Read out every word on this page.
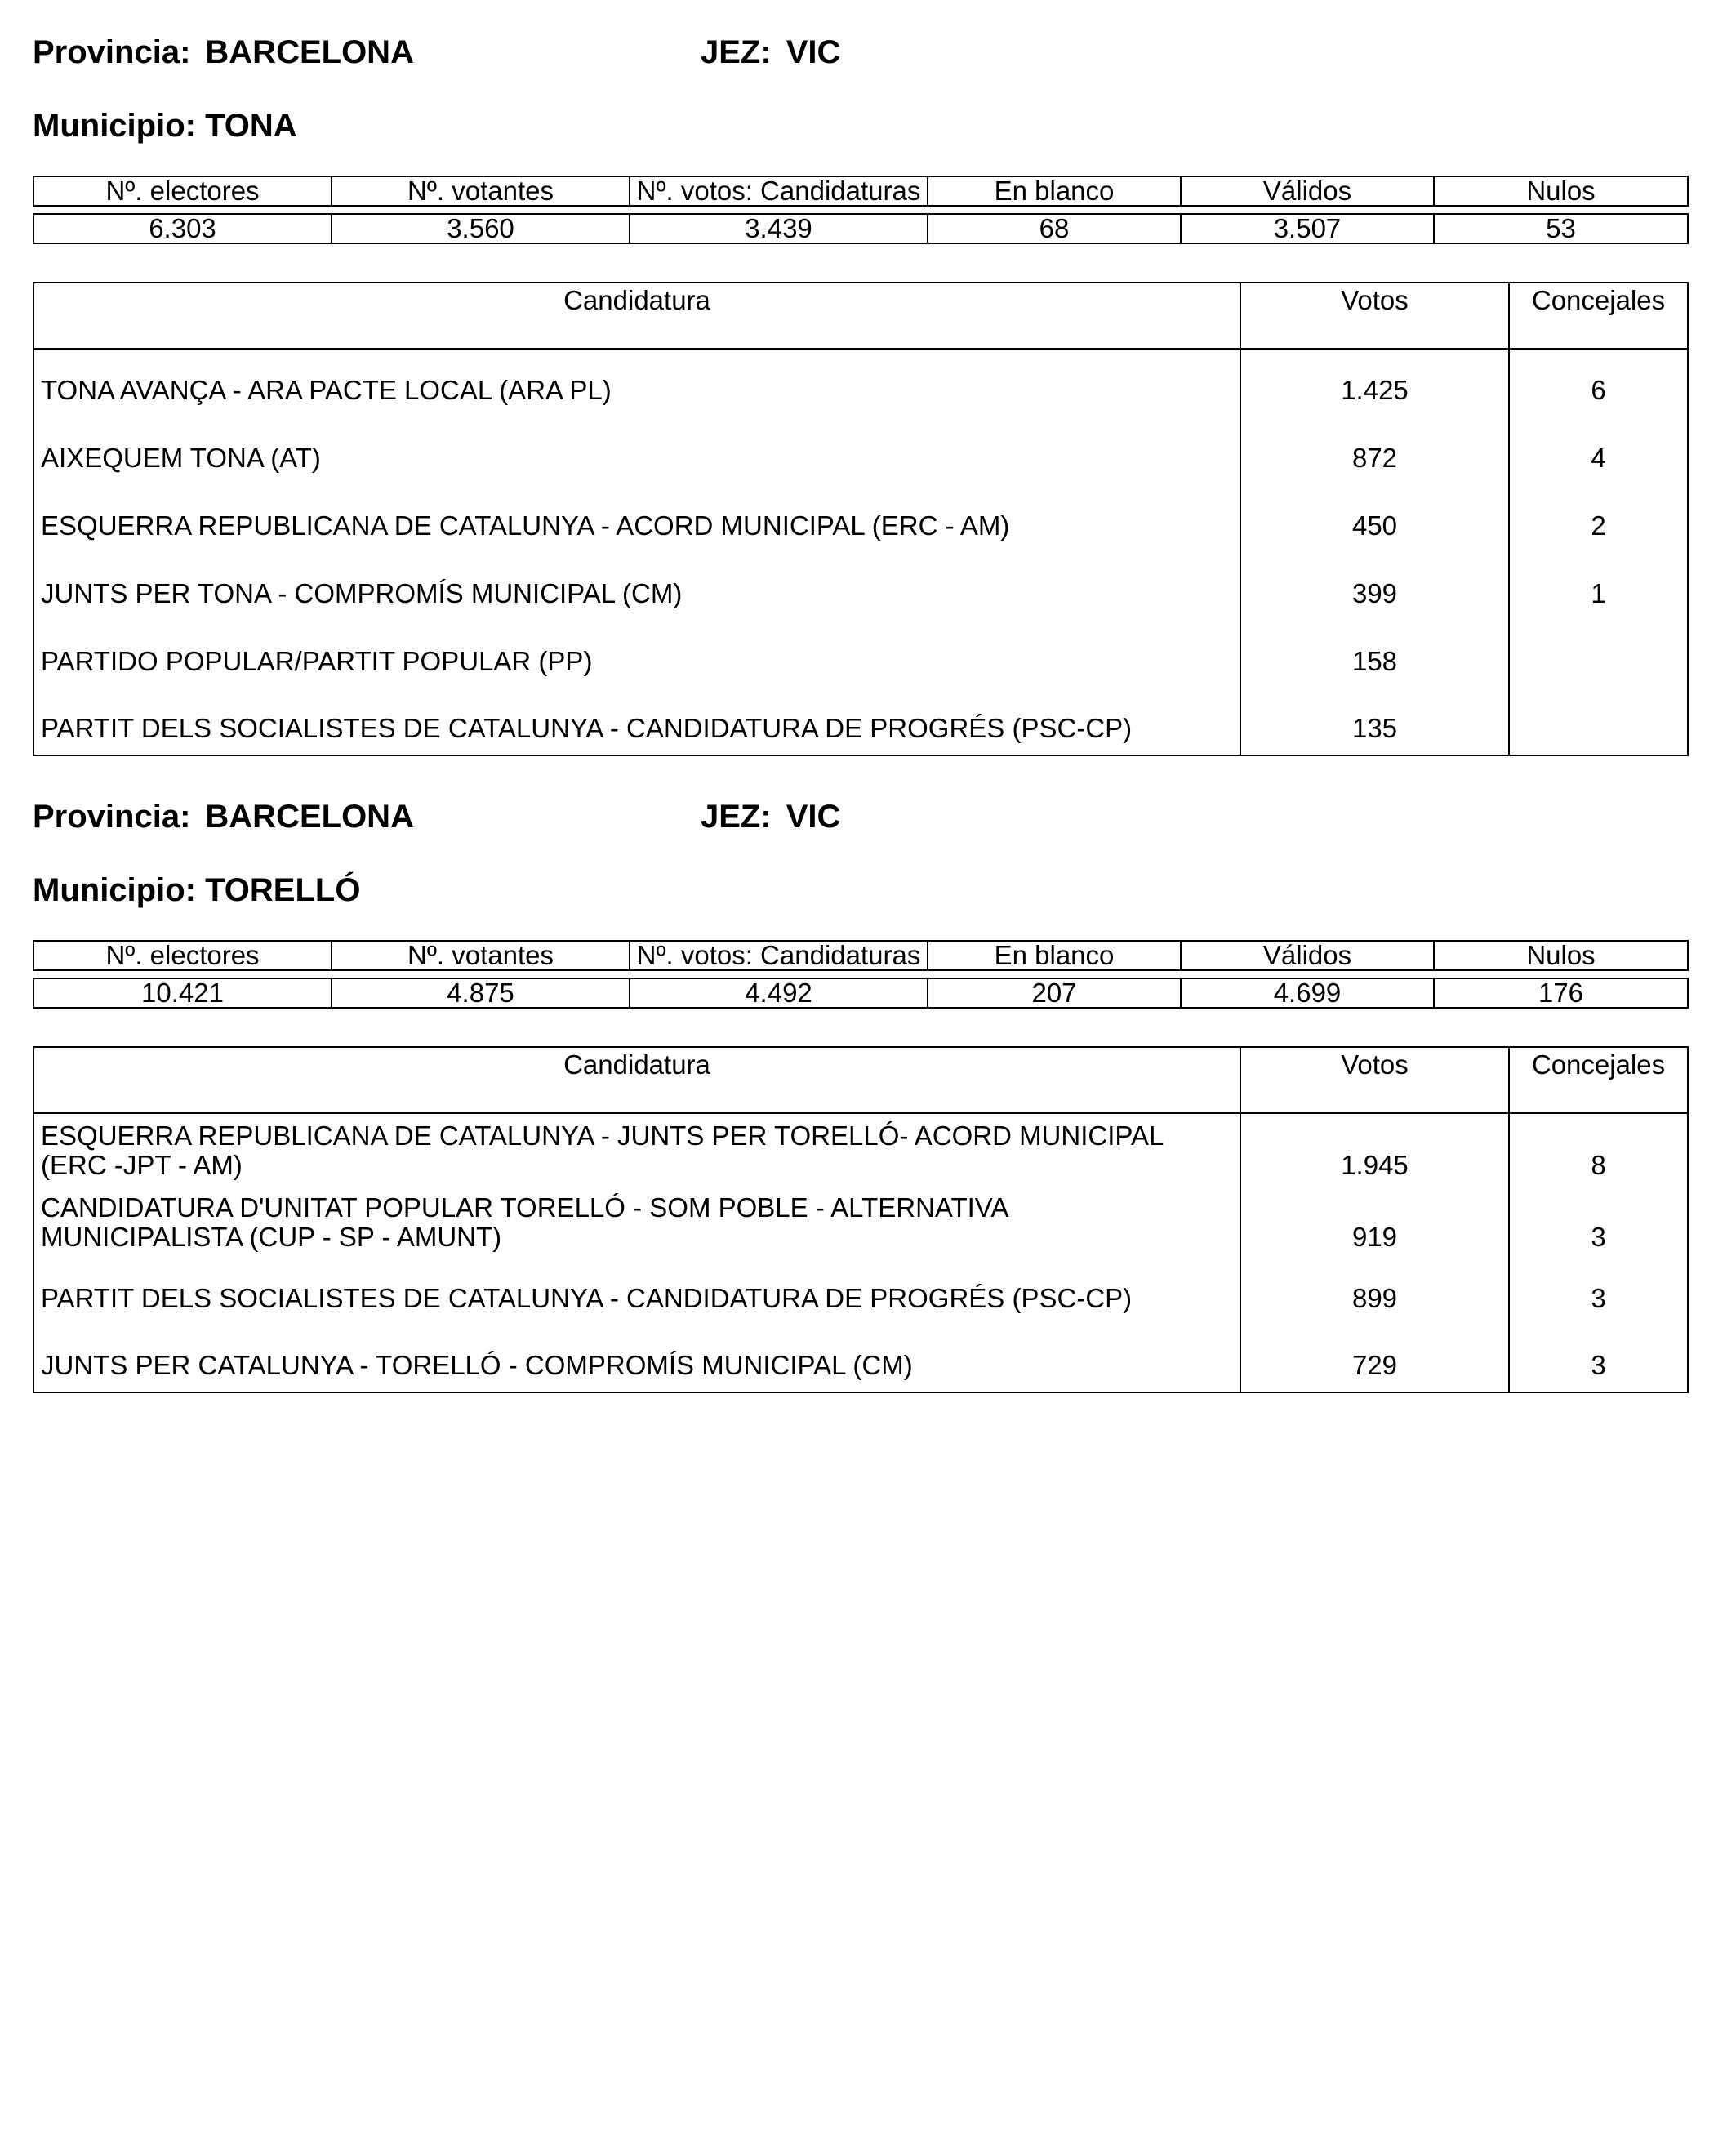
Provincia: BARCELONA	JEZ: VIC
Municipio: TONA
Nº. electores	Nº. votantes	Nº. votos: Candidaturas	En blanco	Válidos	Nulos

6.303	3.560	3.439	68	3.507	53
Candidatura	Votos	Concejales
TONA AVANÇA - ARA PACTE LOCAL (ARA PL)	1.425	6
AIXEQUEM TONA (AT)	872	4
ESQUERRA REPUBLICANA DE CATALUNYA - ACORD MUNICIPAL (ERC - AM)	450	2
JUNTS PER TONA - COMPROMÍS MUNICIPAL (CM)	399	1
PARTIDO POPULAR/PARTIT POPULAR (PP)	158	
PARTIT DELS SOCIALISTES DE CATALUNYA - CANDIDATURA DE PROGRÉS (PSC-CP)	135	
Provincia: BARCELONA	JEZ: VIC
Municipio: TORELLÓ
Nº. electores	Nº. votantes	Nº. votos: Candidaturas	En blanco	Válidos	Nulos

10.421	4.875	4.492	207	4.699	176
Candidatura	Votos	Concejales

ESQUERRA REPUBLICANA DE CATALUNYA - JUNTS PER TORELLÓ- ACORD MUNICIPAL
(ERC -JPT - AM)	1.945	8

CANDIDATURA D'UNITAT POPULAR TORELLÓ - SOM POBLE - ALTERNATIVA
MUNICIPALISTA (CUP - SP - AMUNT)	919	3
PARTIT DELS SOCIALISTES DE CATALUNYA - CANDIDATURA DE PROGRÉS (PSC-CP)	899	3
JUNTS PER CATALUNYA - TORELLÓ - COMPROMÍS MUNICIPAL (CM)	729	3
